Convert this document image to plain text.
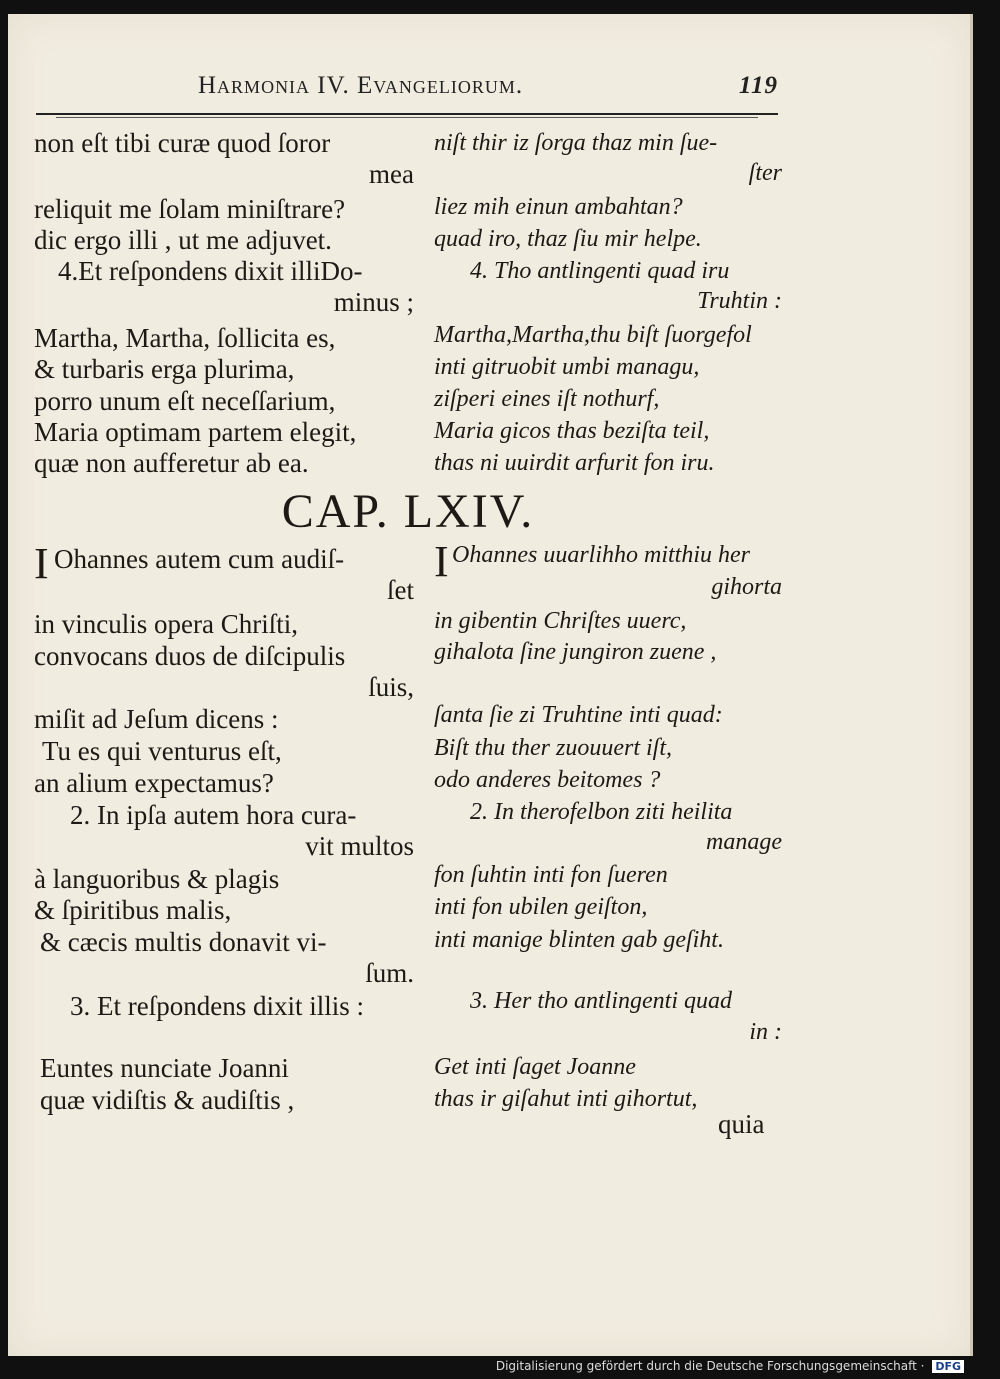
Harmonia IV. Evangeliorum.	119
non eſt tibi curæ quod ſoror
mea
reliquit me ſolam miniſtrare?
dic ergo illi , ut me adjuvet.
4.Et reſpondens dixit illiDo-
minus ;
Martha, Martha, ſollicita es,
& turbaris erga plurima,
porro unum eſt neceſſarium,
Maria optimam partem elegit,
quæ non aufferetur ab ea.
niſt thir iz ſorga thaz min ſue-
ſter
liez mih einun ambahtan?
quad iro, thaz ſiu mir helpe.
4. Tho antlingenti quad iru
Truhtin :
Martha,Martha,thu biſt ſuorgefol
inti gitruobit umbi managu,
ziſperi eines iſt nothurf,
Maria gicos thas beziſta teil,
thas ni uuirdit arfurit fon iru.
CAP. LXIV.
I Ohannes autem cum audiſ-
ſet
in vinculis opera Chriſti,
convocans duos de diſcipulis
ſuis,
miſit ad Jeſum dicens :
Tu es qui venturus eſt,
an alium expectamus?
2. In ipſa autem hora cura-
vit multos
à languoribus & plagis
& ſpiritibus malis,
& cæcis multis donavit vi-
ſum.
3. Et reſpondens dixit illis :
Euntes nunciate Joanni
quæ vidiſtis & audiſtis ,
I Ohannes uuarlihho mitthiu her
gihorta
in gibentin Chriſtes uuerc,
gihalota ſine jungiron zuene ,
ſanta ſie zi Truhtine inti quad:
Biſt thu ther zuouuert iſt,
odo anderes beitomes ?
2. In therofelbon ziti heilita
manage
fon ſuhtin inti fon ſueren
inti fon ubilen geiſton,
inti manige blinten gab geſiht.
3. Her tho antlingenti quad
in :
Get inti ſaget Joanne
thas ir giſahut inti gihortut,
quia
Digitalisierung gefördert durch die Deutsche Forschungsgemeinschaft · DFG
